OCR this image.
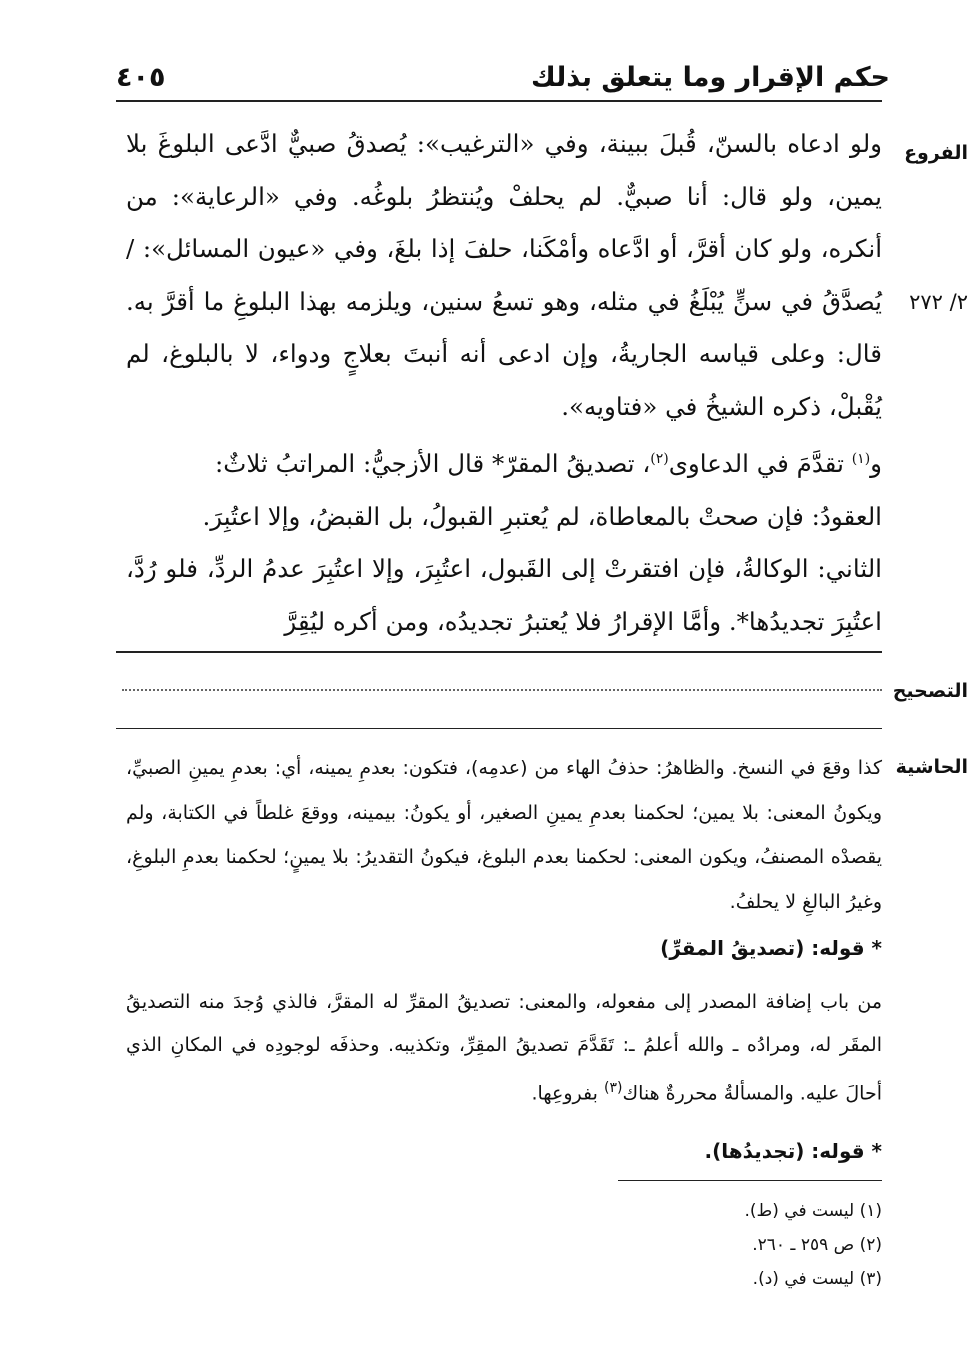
حكم الإقرار وما يتعلق بذلك
٤٠٥
الفروع
٢/ ٢٧٢

ولو ادعاه بالسنّ، قُبلَ ببينة، وفي «الترغيب»: يُصدقُ صبيٌّ ادَّعى البلوغَ بلا يمين، ولو قال: أنا صبيٌّ. لم يحلفْ ويُنتظرُ بلوغُه. وفي «الرعاية»: من أنكره، ولو كان أقرَّ، أو ادَّعاه وأمْكَنا، حلفَ إذا بلغَ، وفي «عيون المسائل»: / يُصدَّقُ في سنٍّ يُبْلَغُ في مثله، وهو تسعُ سنين، ويلزمه بهذا البلوغِ ما أقرَّ به. قال: وعلى قياسه الجاريةُ، وإن ادعى أنه أنبتَ بعلاجٍ ودواء، لا بالبلوغ، لم يُقْبلْ، ذكره الشيخُ في «فتاويه».

و$^{(١)}$ تقدَّمَ في الدعاوى$^{(٢)}$، تصديقُ المقرّ* قال الأزجيُّ: المراتبُ ثلاثٌ:

العقودُ: فإن صحتْ بالمعاطاة، لم يُعتبرِ القبولُ، بل القبضُ، وإلا اعتُبِرَ.

الثاني: الوكالةُ، فإن افتقرتْ إلى القَبول، اعتُبِرَ، وإلا اعتُبِرَ عدمُ الردِّ، فلو رُدَّ، اعتُبِرَ تجديدُها*. وأمَّا الإقرارُ فلا يُعتبرُ تجديدُه، ومن أكره ليُقِرَّ

التصحيح
الحاشية

كذا وقعَ في النسخ. والظاهرُ: حذفُ الهاء من (عدمِه)، فتكون: بعدمِ يمينه، أي: بعدمِ يمينِ الصبيِّ، ويكونُ المعنى: بلا يمين؛ لحكمنا بعدمِ يمينِ الصغير، أو يكونُ: بيمينه، ووقعَ غلطاً في الكتابة، ولم يقصدْه المصنفُ، ويكون المعنى: لحكمنا بعدم البلوغ، فيكونُ التقديرُ: بلا يمينٍ؛ لحكمنا بعدمِ البلوغِ، وغيرُ البالغِ لا يحلفُ.

* قوله: (تصديقُ المقرِّ)

من باب إضافة المصدر إلى مفعوله، والمعنى: تصديقُ المقرِّ له المقرَّ، فالذي وُجدَ منه التصديقُ المقَر له، ومرادُه ـ والله أعلمُ ـ: تَقَدَّمَ تصديقُ المقِرِّ، وتكذيبه. وحذفَه لوجودِه في المكانِ الذي أحالَ عليه. والمسألةُ محررةٌ هناك$^{(٣)}$ بفروعِها.

* قوله: (تجديدُها).

(١) ليست في (ط).
(٢) ص ٢٥٩ ـ ٢٦٠.
(٣) ليست في (د).
